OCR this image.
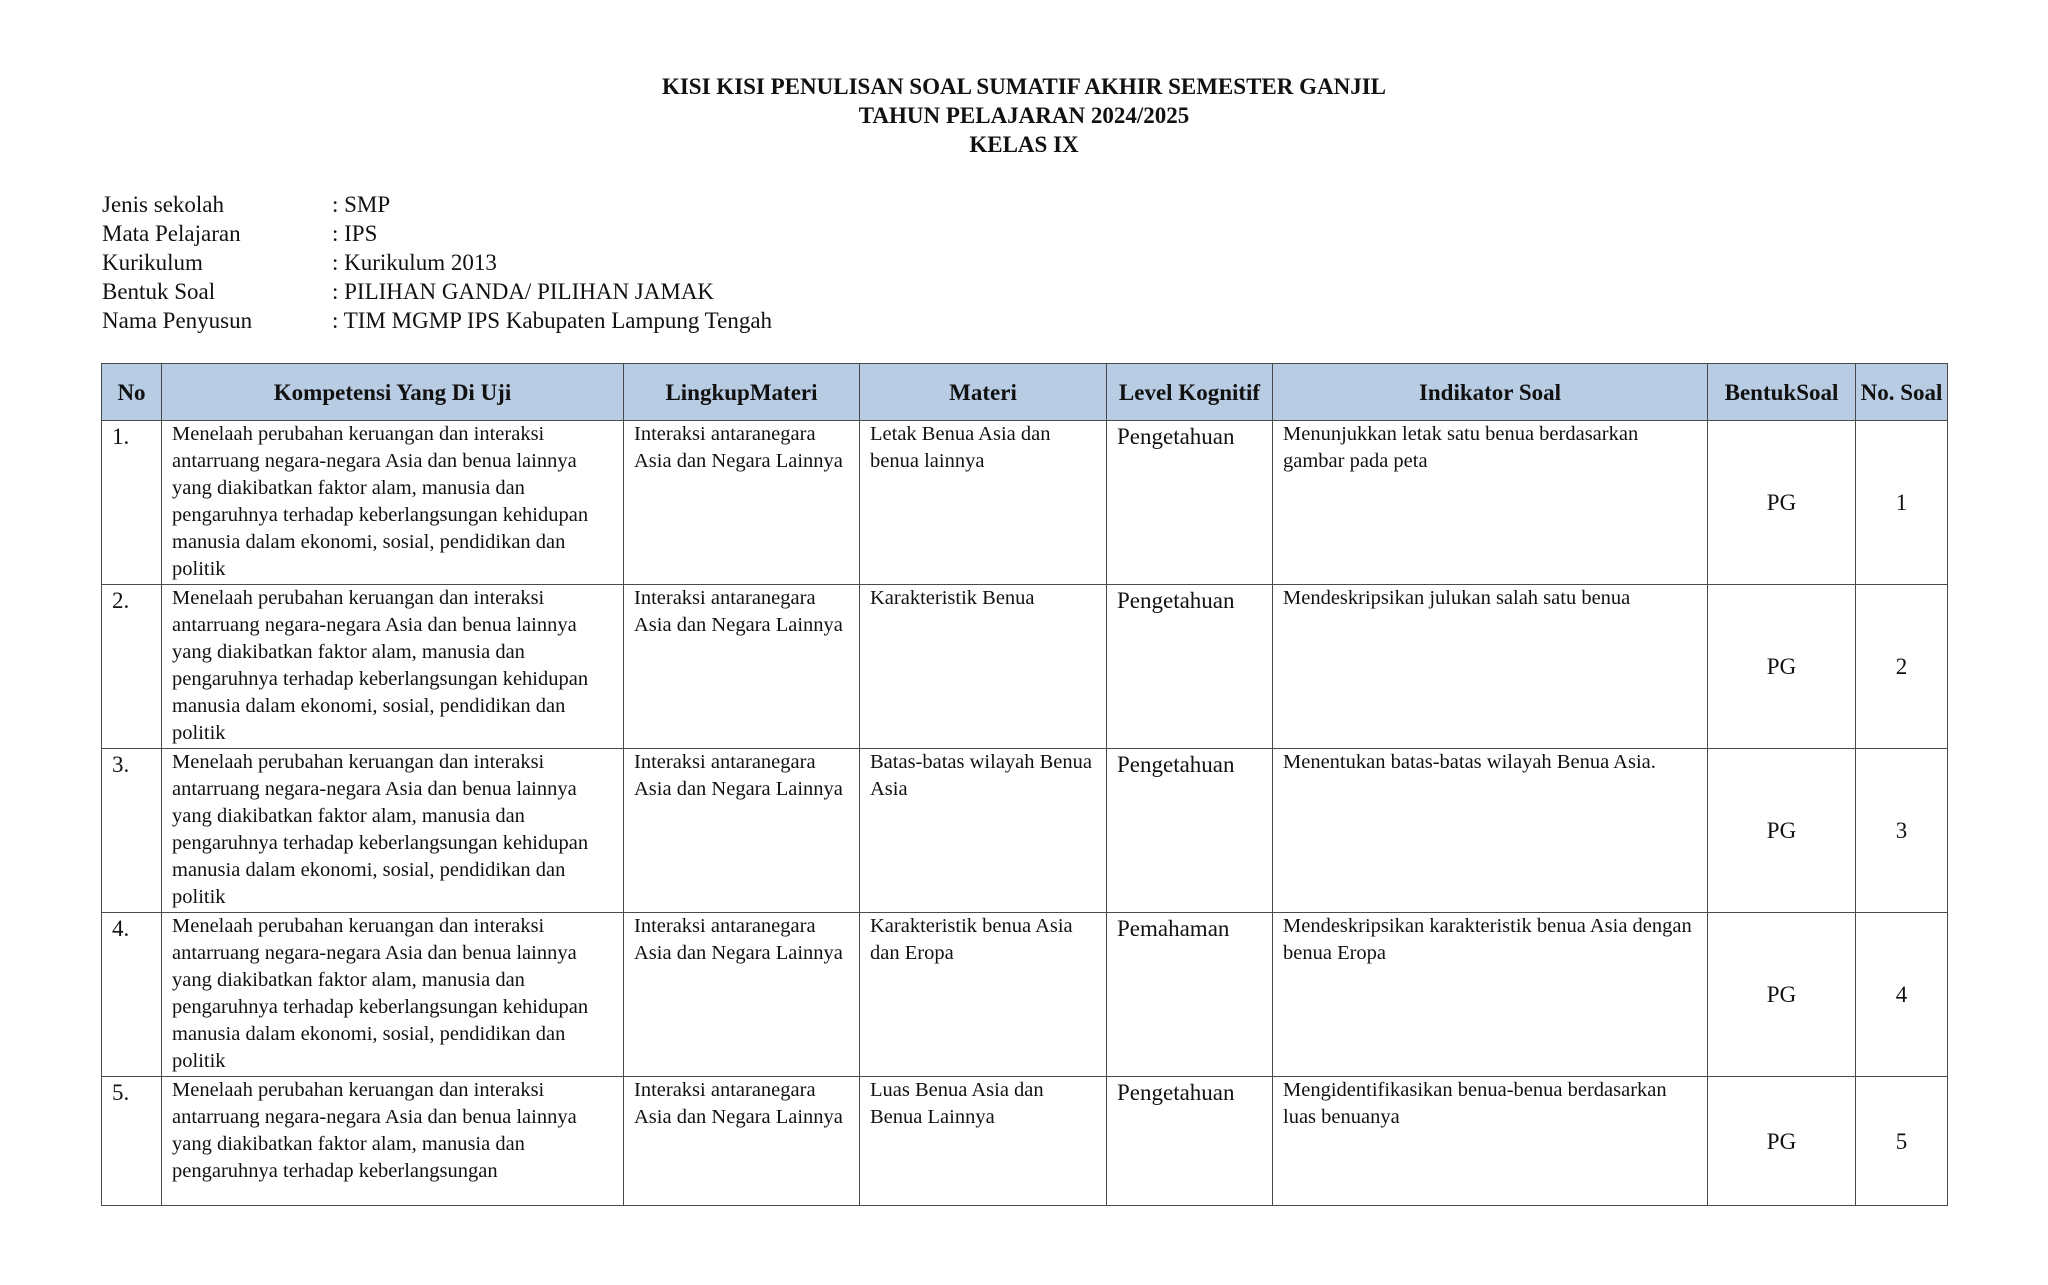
KISI KISI PENULISAN SOAL SUMATIF AKHIR SEMESTER GANJIL
TAHUN PELAJARAN 2024/2025
KELAS IX
Jenis sekolah	: SMP
Mata Pelajaran	: IPS
Kurikulum	: Kurikulum 2013
Bentuk Soal	: PILIHAN GANDA/ PILIHAN JAMAK
Nama Penyusun	: TIM MGMP IPS Kabupaten Lampung Tengah
No	Kompetensi Yang Di Uji	LingkupMateri	Materi	Level Kognitif	Indikator Soal	BentukSoal	No. Soal
1.	Menelaah perubahan keruangan dan interaksi antarruang negara-negara Asia dan benua lainnya yang diakibatkan faktor alam, manusia dan pengaruhnya terhadap keberlangsungan kehidupan manusia dalam ekonomi, sosial, pendidikan dan politik	Interaksi antaranegara Asia dan Negara Lainnya	Letak Benua Asia dan benua lainnya	Pengetahuan	Menunjukkan letak satu benua berdasarkan gambar pada peta	PG	1
2.	Menelaah perubahan keruangan dan interaksi antarruang negara-negara Asia dan benua lainnya yang diakibatkan faktor alam, manusia dan pengaruhnya terhadap keberlangsungan kehidupan manusia dalam ekonomi, sosial, pendidikan dan politik	Interaksi antaranegara Asia dan Negara Lainnya	Karakteristik Benua	Pengetahuan	Mendeskripsikan julukan salah satu benua	PG	2
3.	Menelaah perubahan keruangan dan interaksi antarruang negara-negara Asia dan benua lainnya yang diakibatkan faktor alam, manusia dan pengaruhnya terhadap keberlangsungan kehidupan manusia dalam ekonomi, sosial, pendidikan dan politik	Interaksi antaranegara Asia dan Negara Lainnya	Batas-batas wilayah Benua Asia	Pengetahuan	Menentukan batas-batas wilayah Benua Asia.	PG	3
4.	Menelaah perubahan keruangan dan interaksi antarruang negara-negara Asia dan benua lainnya yang diakibatkan faktor alam, manusia dan pengaruhnya terhadap keberlangsungan kehidupan manusia dalam ekonomi, sosial, pendidikan dan politik	Interaksi antaranegara Asia dan Negara Lainnya	Karakteristik benua Asia dan Eropa	Pemahaman	Mendeskripsikan karakteristik benua Asia dengan benua Eropa	PG	4
5.	Menelaah perubahan keruangan dan interaksi antarruang negara-negara Asia dan benua lainnya yang diakibatkan faktor alam, manusia dan pengaruhnya terhadap keberlangsungan	Interaksi antaranegara Asia dan Negara Lainnya	Luas Benua Asia dan Benua Lainnya	Pengetahuan	Mengidentifikasikan benua-benua berdasarkan luas benuanya	PG	5
